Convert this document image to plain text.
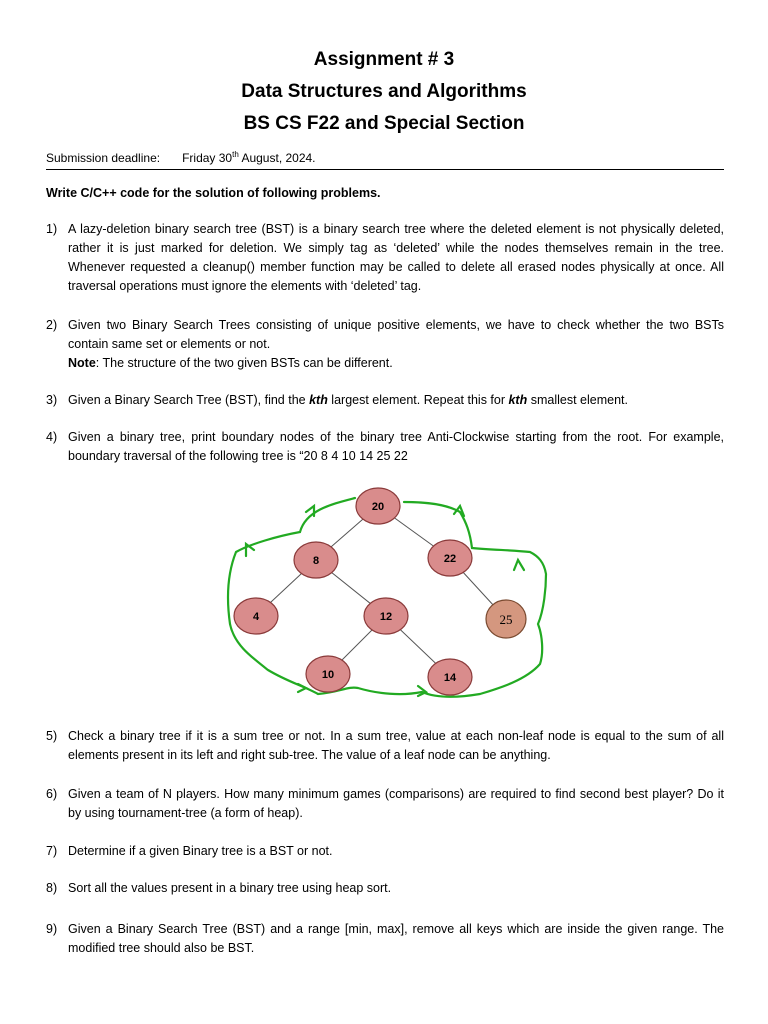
Assignment # 3

Data Structures and Algorithms

BS CS F22 and Special Section

Submission deadline: Friday 30th August, 2024.
Write C/C++ code for the solution of following problems.
1) A lazy-deletion binary search tree (BST) is a binary search tree where the deleted element is not physically deleted, rather it is just marked for deletion. We simply tag as ‘deleted’ while the nodes themselves remain in the tree. Whenever requested a cleanup() member function may be called to delete all erased nodes physically at once. All traversal operations must ignore the elements with ‘deleted’ tag.

2) Given two Binary Search Trees consisting of unique positive elements, we have to check whether the two BSTs contain same set or elements or not.

Note: The structure of the two given BSTs can be different.

3) Given a Binary Search Tree (BST), find the kth largest element. Repeat this for kth smallest element.

4) Given a binary tree, print boundary nodes of the binary tree Anti-Clockwise starting from the root. For example, boundary traversal of the following tree is “20 8 4 10 14 25 22

20
8	22
4	12	25
10	14
5) Check a binary tree if it is a sum tree or not. In a sum tree, value at each non-leaf node is equal to the sum of all elements present in its left and right sub-tree. The value of a leaf node can be anything.

6) Given a team of N players. How many minimum games (comparisons) are required to find second best player? Do it by using tournament-tree (a form of heap).

7) Determine if a given Binary tree is a BST or not.

8) Sort all the values present in a binary tree using heap sort.

9) Given a Binary Search Tree (BST) and a range [min, max], remove all keys which are inside the given range. The modified tree should also be BST.
